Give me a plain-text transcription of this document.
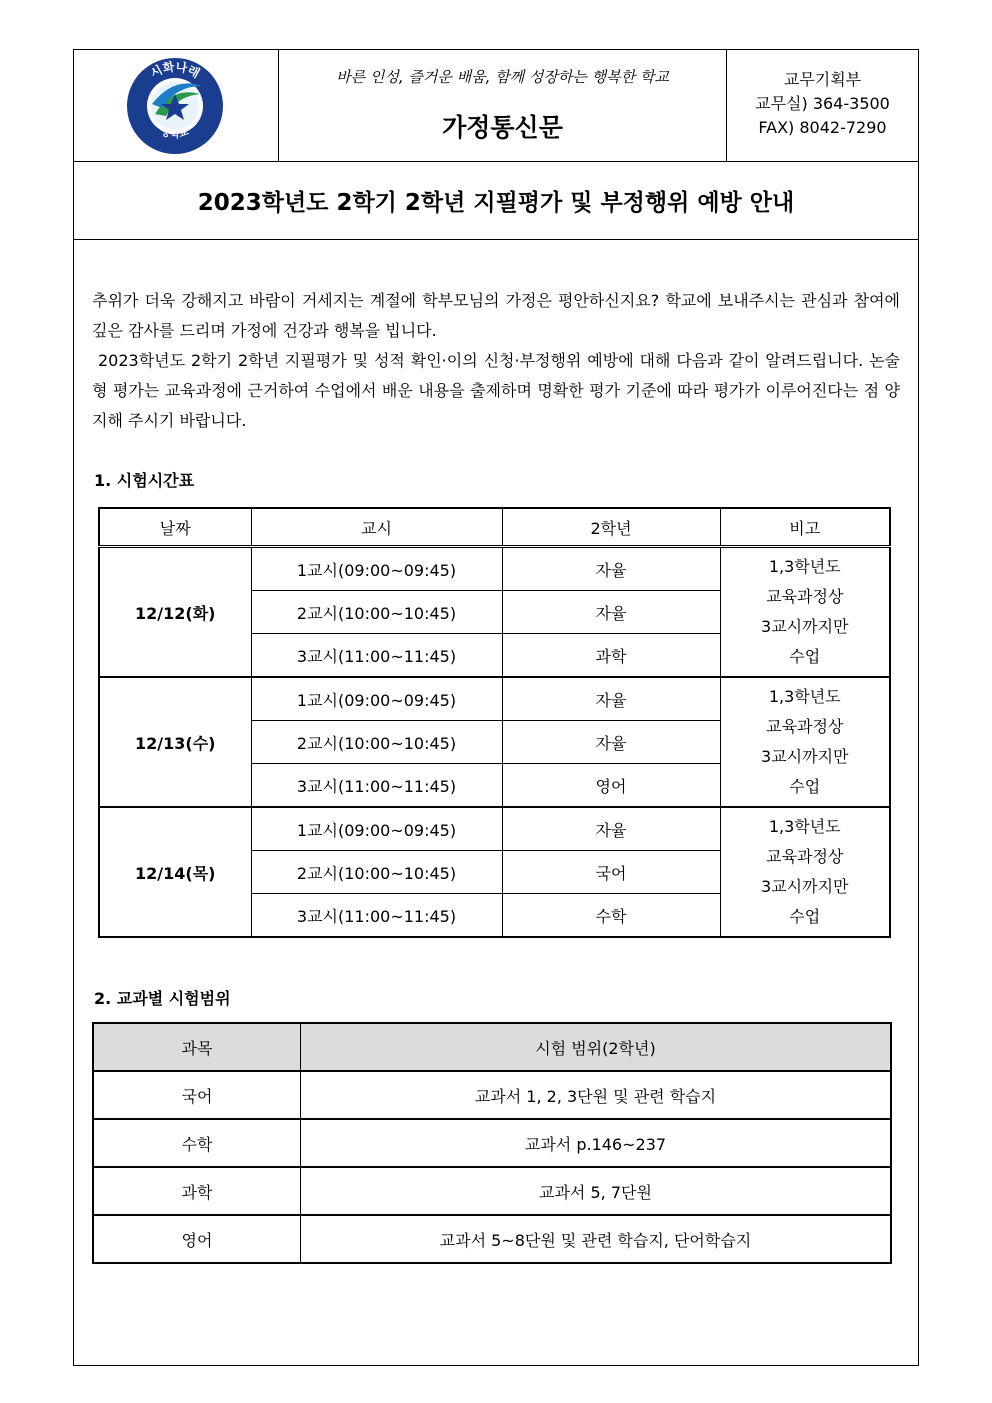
시화나래
중학교
바른 인성, 즐거운 배움, 함께 성장하는 행복한 학교
가정통신문
교무기획부
교무실) 364-3500
FAX) 8042-7290
2023학년도 2학기 2학년 지필평가 및 부정행위 예방 안내

추위가 더욱 강해지고 바람이 거세지는 계절에 학부모님의 가정은 평안하신지요? 학교에 보내주시는 관심과 참여에 깊은 감사를 드리며 가정에 건강과 행복을 빕니다.

2023학년도 2학기 2학년 지필평가 및 성적 확인·이의 신청·부정행위 예방에 대해 다음과 같이 알려드립니다. 논술형 평가는 교육과정에 근거하여 수업에서 배운 내용을 출제하며 명확한 평가 기준에 따라 평가가 이루어진다는 점 양지해 주시기 바랍니다.

1. 시험시간표
날짜	교시	2학년	비고
12/12(화)	1교시(09:00~09:45)	자율	1,3학년도
교육과정상
3교시까지만
수업

	2교시(10:00~10:45)	자율	
	3교시(11:00~11:45)	과학	
12/13(수)	1교시(09:00~09:45)	자율	1,3학년도
교육과정상
3교시까지만
수업

	2교시(10:00~10:45)	자율	
	3교시(11:00~11:45)	영어	
12/14(목)	1교시(09:00~09:45)	자율	1,3학년도
교육과정상
3교시까지만
수업

	2교시(10:00~10:45)	국어	
	3교시(11:00~11:45)	수학	
2. 교과별 시험범위
과목	시험 범위(2학년)
국어	교과서 1, 2, 3단원 및 관련 학습지
수학	교과서 p.146~237
과학	교과서 5, 7단원
영어	교과서 5~8단원 및 관련 학습지, 단어학습지
